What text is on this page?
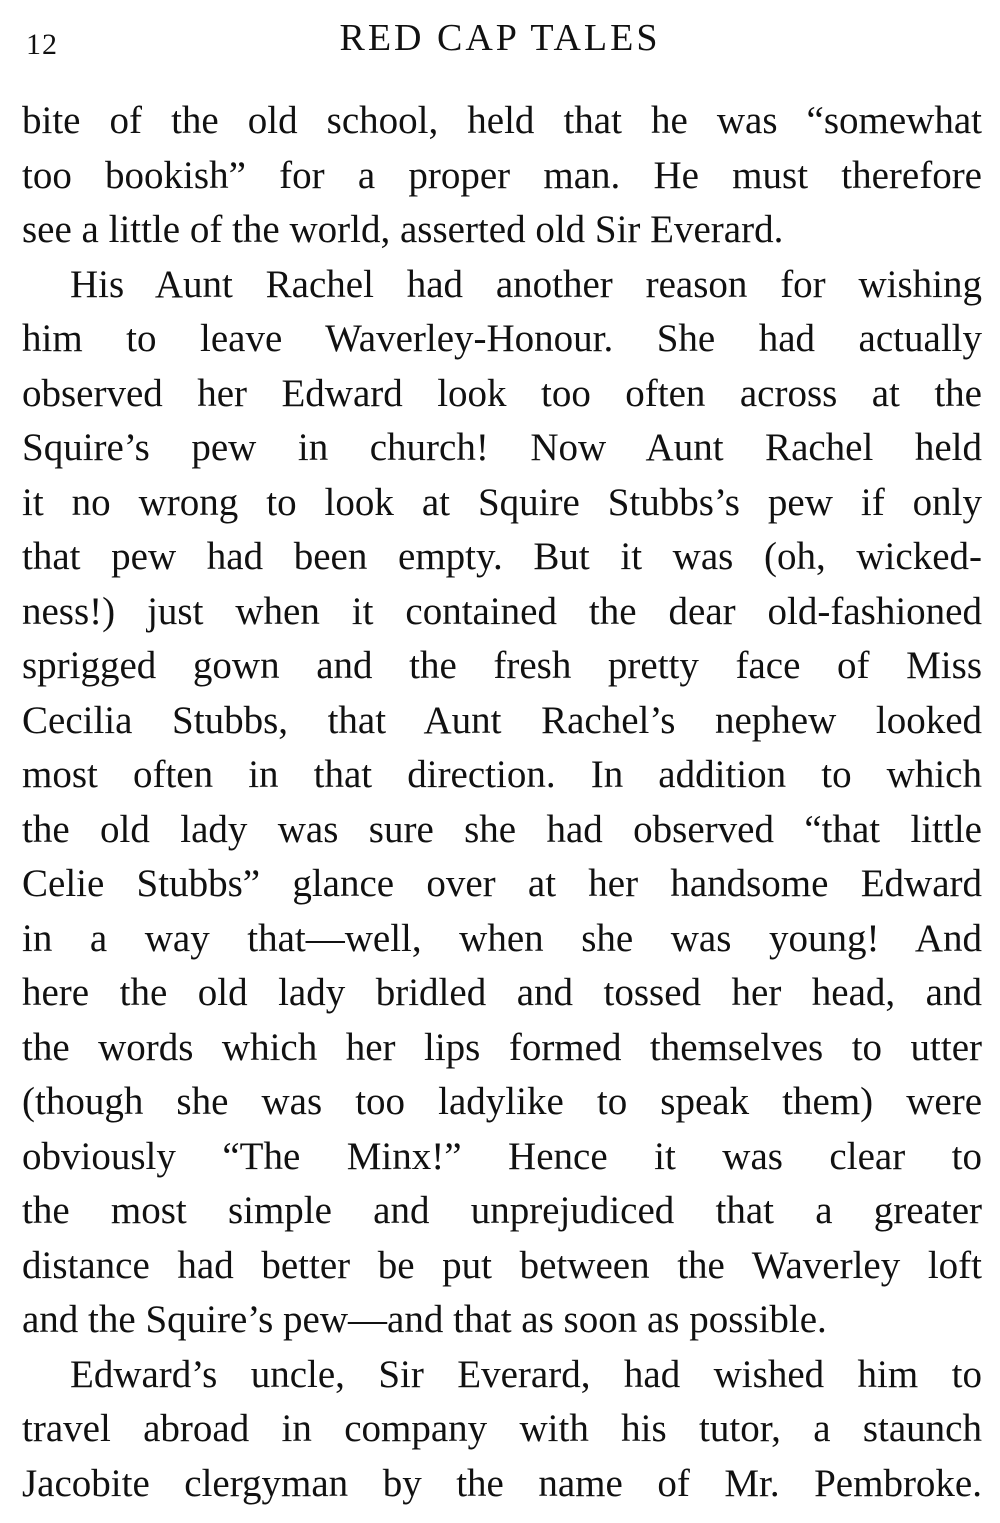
12	RED CAP TALES
bite of the old school, held that he was “somewhat
too bookish” for a proper man. He must therefore
see a little of the world, asserted old Sir Everard.
His Aunt Rachel had another reason for wishing
him to leave Waverley-Honour. She had actually
observed her Edward look too often across at the
Squire’s pew in church! Now Aunt Rachel held
it no wrong to look at Squire Stubbs’s pew if only
that pew had been empty. But it was (oh, wicked-
ness!) just when it contained the dear old-fashioned
sprigged gown and the fresh pretty face of Miss
Cecilia Stubbs, that Aunt Rachel’s nephew looked
most often in that direction. In addition to which
the old lady was sure she had observed “that little
Celie Stubbs” glance over at her handsome Edward
in a way that—well, when she was young! And
here the old lady bridled and tossed her head, and
the words which her lips formed themselves to utter
(though she was too ladylike to speak them) were
obviously “The Minx!” Hence it was clear to
the most simple and unprejudiced that a greater
distance had better be put between the Waverley loft
and the Squire’s pew—and that as soon as possible.
Edward’s uncle, Sir Everard, had wished him to
travel abroad in company with his tutor, a staunch
Jacobite clergyman by the name of Mr. Pembroke.
